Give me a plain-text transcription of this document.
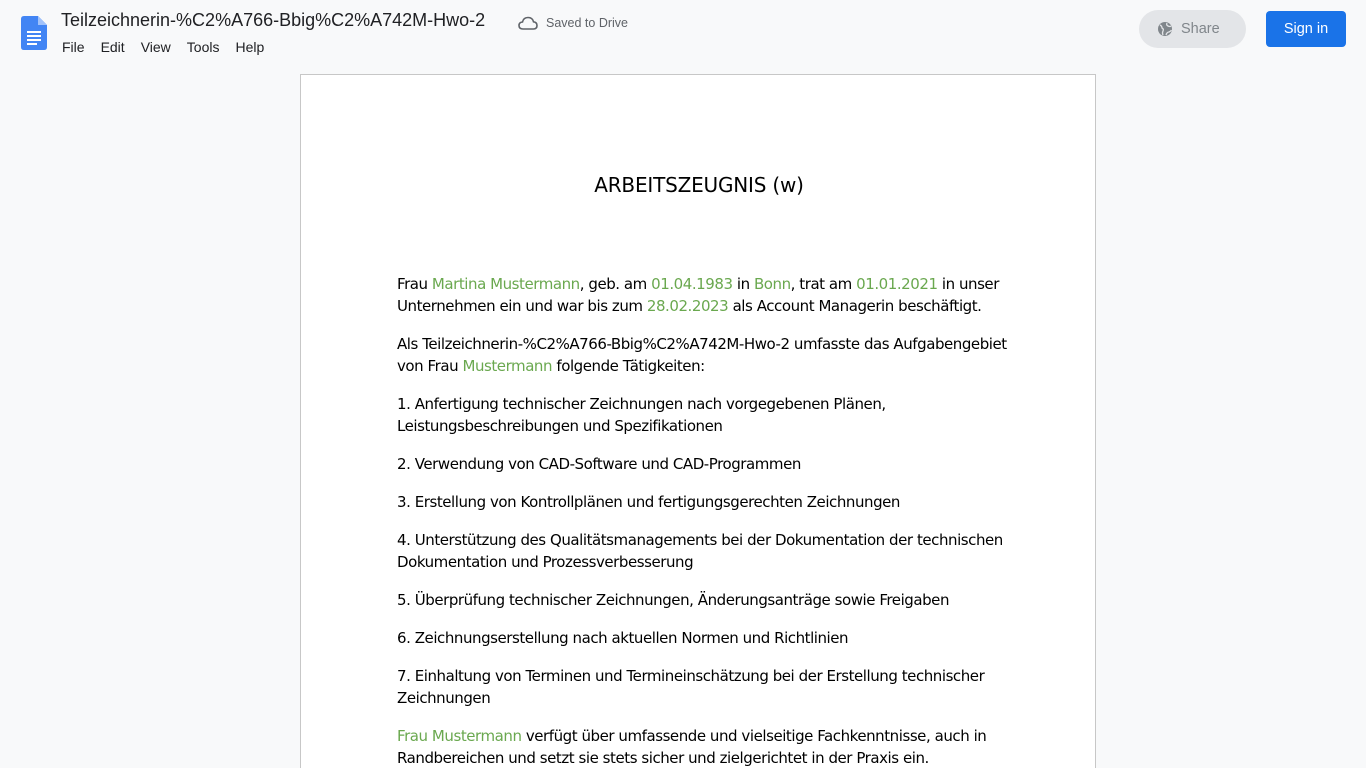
Teilzeichnerin-%C2%A766-Bbig%C2%A742M-Hwo-2	Saved to Drive
File	Edit	View	Tools	Help
Share	Sign in
ARBEITSZEUGNIS (w)

Frau Martina Mustermann, geb. am 01.04.1983 in Bonn, trat am 01.01.2021 in unser Unternehmen ein und war bis zum 28.02.2023 als Account Managerin beschäftigt.

Als Teilzeichnerin-%C2%A766-Bbig%C2%A742M-Hwo-2 umfasste das Aufgabengebiet von Frau Mustermann folgende Tätigkeiten:

1. Anfertigung technischer Zeichnungen nach vorgegebenen Plänen, Leistungsbeschreibungen und Spezifikationen

2. Verwendung von CAD-Software und CAD-Programmen

3. Erstellung von Kontrollplänen und fertigungsgerechten Zeichnungen

4. Unterstützung des Qualitätsmanagements bei der Dokumentation der technischen Dokumentation und Prozessverbesserung

5. Überprüfung technischer Zeichnungen, Änderungsanträge sowie Freigaben

6. Zeichnungserstellung nach aktuellen Normen und Richtlinien

7. Einhaltung von Terminen und Termineinschätzung bei der Erstellung technischer Zeichnungen

Frau Mustermann verfügt über umfassende und vielseitige Fachkenntnisse, auch in Randbereichen und setzt sie stets sicher und zielgerichtet in der Praxis ein.
